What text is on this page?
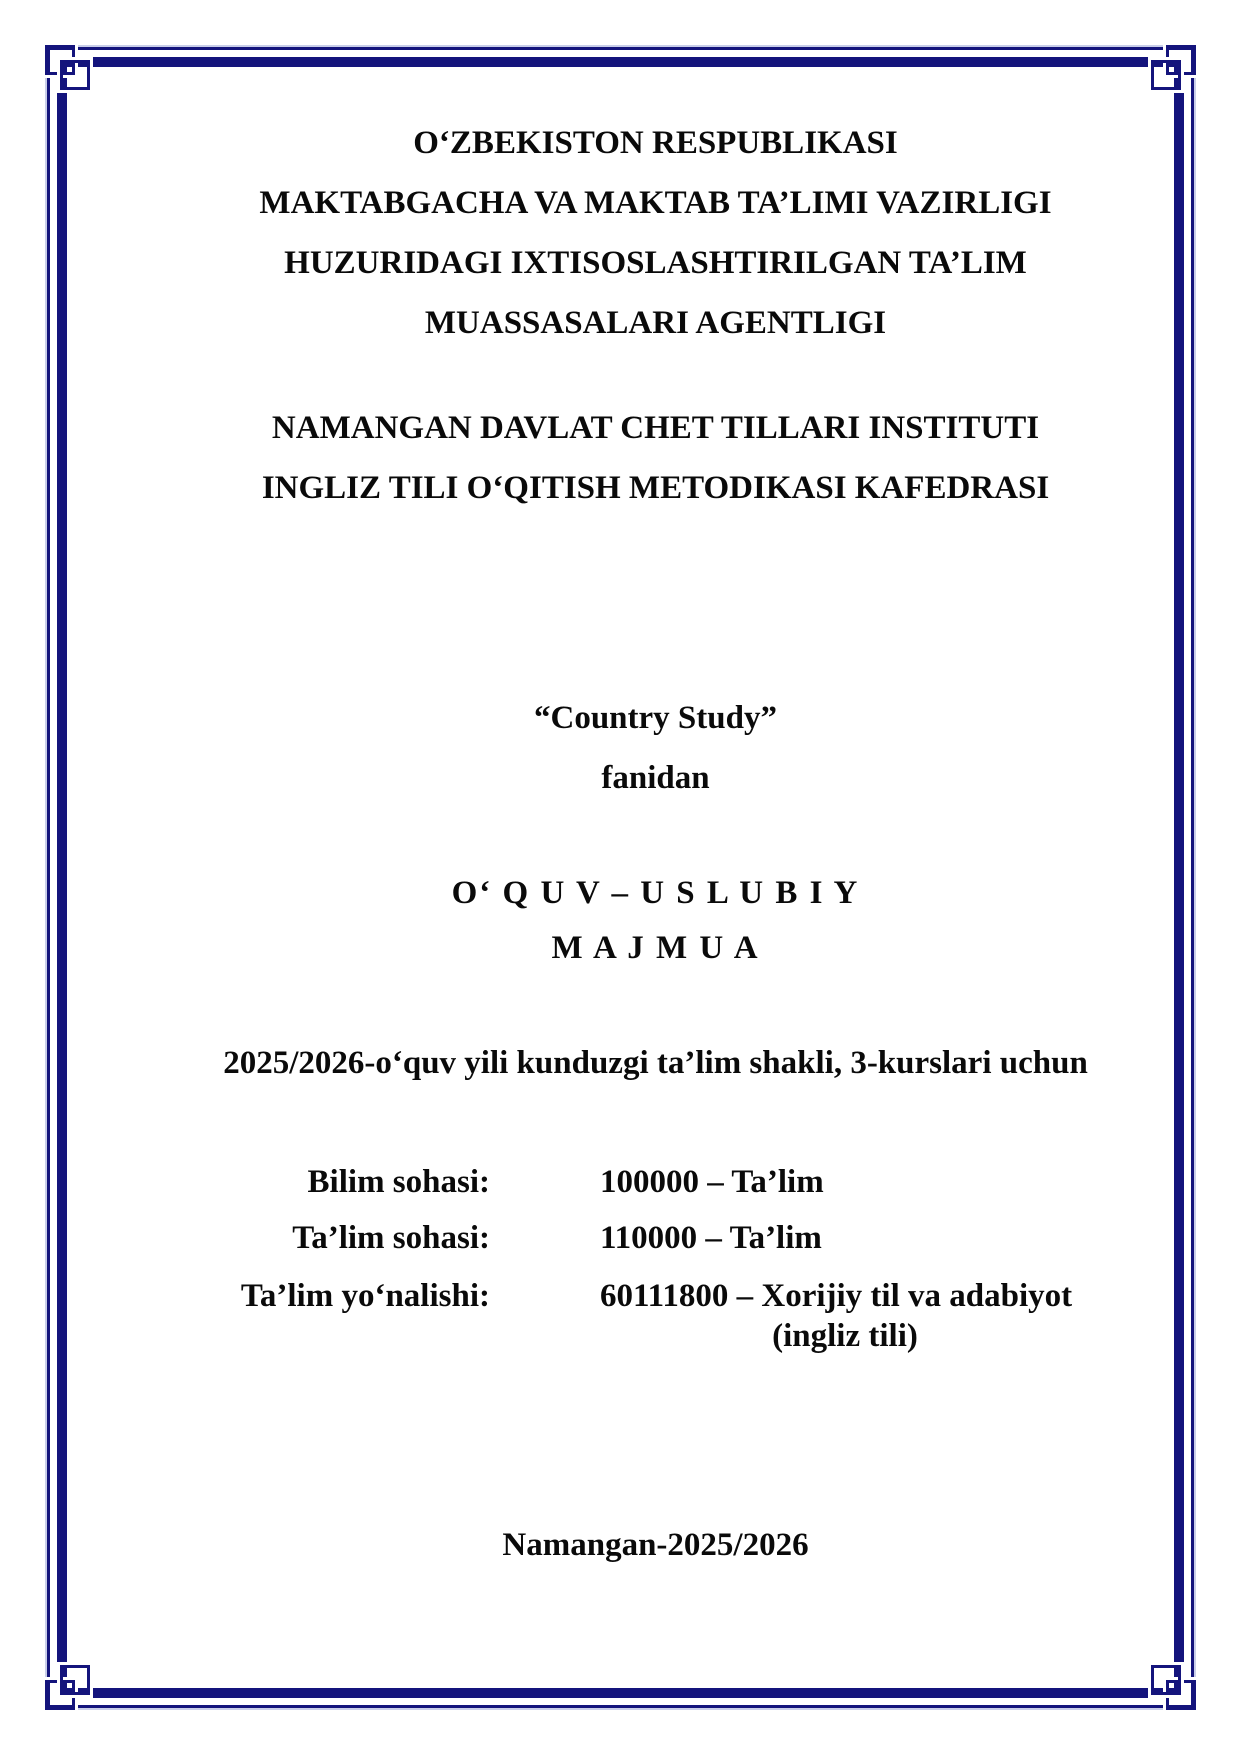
O‘ZBEKISTON RESPUBLIKASI
MAKTABGACHA VA MAKTAB TA’LIMI VAZIRLIGI
HUZURIDAGI IXTISOSLASHTIRILGAN TA’LIM
MUASSASALARI AGENTLIGI
NAMANGAN DAVLAT CHET TILLARI INSTITUTI
INGLIZ TILI O‘QITISH METODIKASI KAFEDRASI
“Country Study”
fanidan
O‘ Q U V – U S L U B I Y
M A J M U A
2025/2026-o‘quv yili kunduzgi ta’lim shakli, 3-kurslari uchun
Bilim sohasi:	100000 – Ta’lim
Ta’lim sohasi:	110000 – Ta’lim
Ta’lim yo‘nalishi:	60111800 – Xorijiy til va adabiyot
(ingliz tili)
Namangan-2025/2026
